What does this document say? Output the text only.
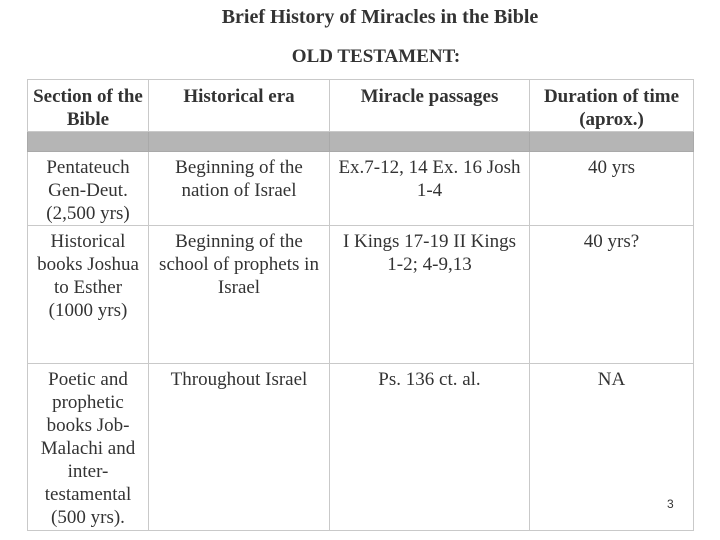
Brief History of Miracles in the Bible
OLD TESTAMENT:
Section of the Bible	Historical era	Miracle passages	Duration of time (aprox.)

Pentateuch Gen-Deut. (2,500 yrs)	Beginning of the nation of Israel	Ex.7-12, 14 Ex. 16 Josh 1-4	40 yrs
Historical books Joshua to Esther (1000 yrs)	Beginning of the school of prophets in Israel	I Kings 17-19 II Kings 1-2; 4-9,13	40 yrs?
Poetic and prophetic books Job-Malachi and inter-testamental (500 yrs).	Throughout Israel	Ps. 136 ct. al.	NA
3
